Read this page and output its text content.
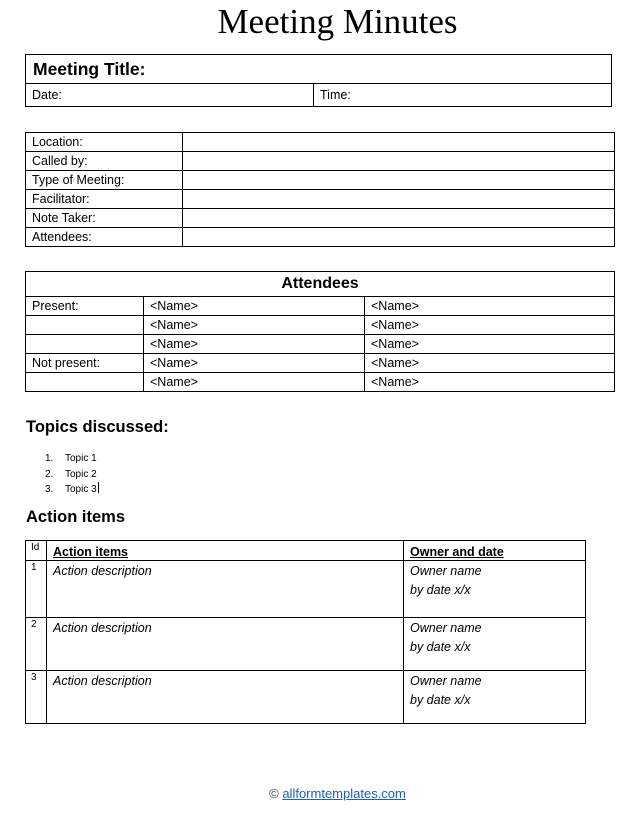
Meeting Minutes
Meeting Title:
Date:	Time:
Location:	
Called by:	
Type of Meeting:	
Facilitator:	
Note Taker:	
Attendees:	
Attendees		
Present:	<Name>	<Name>
	<Name>	<Name>
	<Name>	<Name>
Not present:	<Name>	<Name>
	<Name>	<Name>
Topics discussed:
1. Topic 1
2. Topic 2
3. Topic 3
Action items
Id	Action items	Owner and date
1	Action description	Owner name
by date x/x

2	Action description	Owner name
by date x/x

3	Action description	Owner name
by date x/x
© allformtemplates.com
